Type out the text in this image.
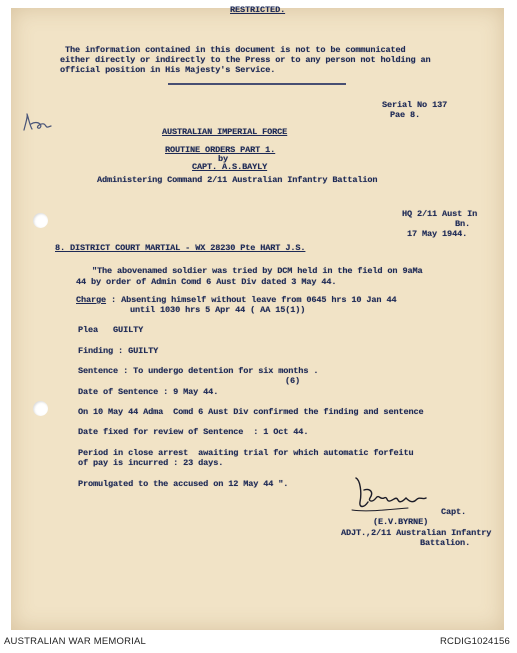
RESTRICTED.
The information contained in this document is not to be communicated
either directly or indirectly to the Press or to any person not holding an
official position in His Majesty's Service.
Serial No 137
Pae 8.
AUSTRALIAN IMPERIAL FORCE
ROUTINE ORDERS PART 1.
by
CAPT. A.S.BAYLY
Administering Command 2/11 Australian Infantry Battalion
HQ 2/11 Aust In
Bn.
17 May 1944.
8. DISTRICT COURT MARTIAL - WX 28230 Pte HART J.S.
"The abovenamed soldier was tried by DCM held in the field on 9aMa
44 by order of Admin Comd 6 Aust Div dated 3 May 44.
Charge : Absenting himself without leave from 0645 hrs 10 Jan 44
until 1030 hrs 5 Apr 44 ( AA 15(1))
Plea   GUILTY
Finding : GUILTY
Sentence : To undergo detention for six months .
(6)
Date of Sentence : 9 May 44.
On 10 May 44 Adma  Comd 6 Aust Div confirmed the finding and sentence
Date fixed for review of Sentence  : 1 Oct 44.
Period in close arrest  awaiting trial for which automatic forfeitu
of pay is incurred : 23 days.
Promulgated to the accused on 12 May 44 ".
Capt.
(E.V.BYRNE)
ADJT.,2/11 Australian Infantry
Battalion.
AUSTRALIAN WAR MEMORIAL	RCDIG1024156
